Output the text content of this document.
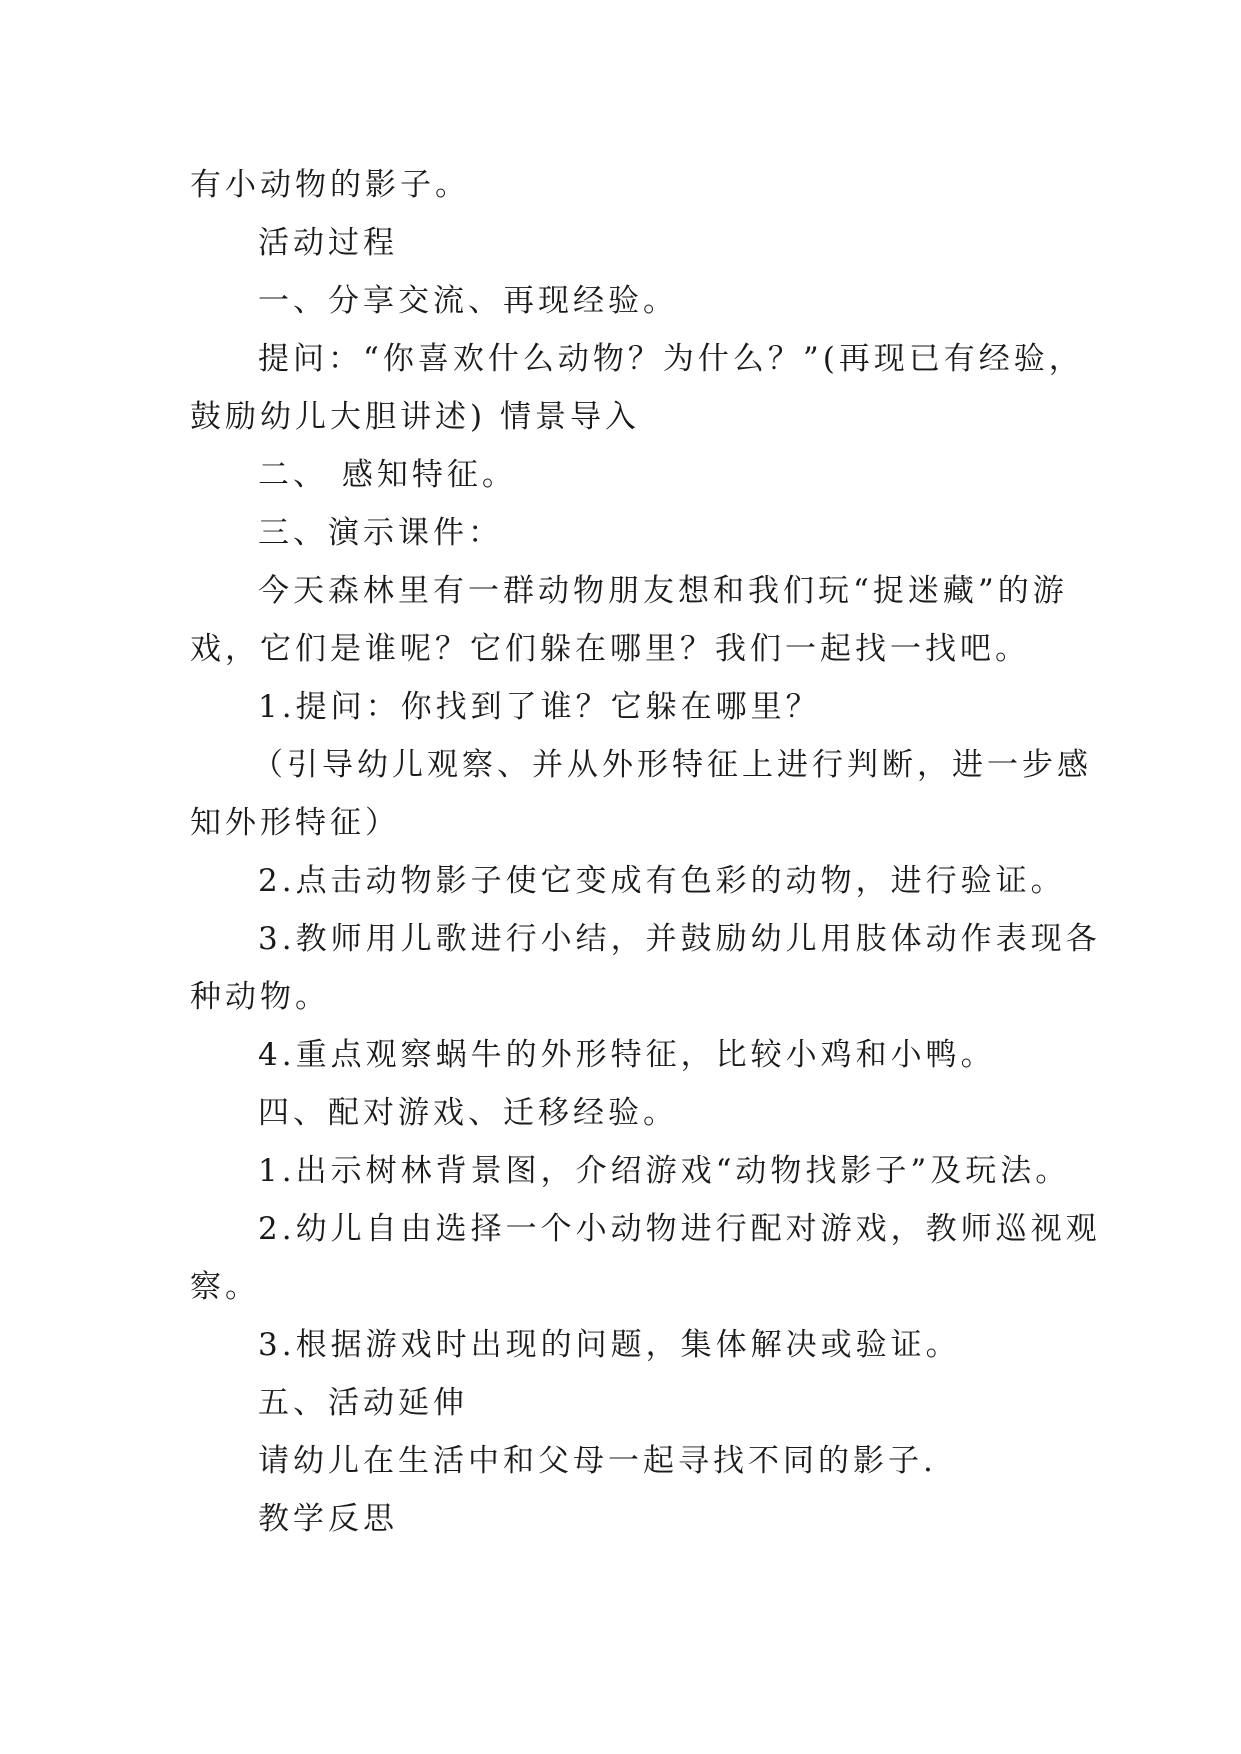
有小动物的影子。
活动过程
一、分享交流、再现经验。
提问：“你喜欢什么动物？为什么？”(再现已有经验，
鼓励幼儿大胆讲述) 情景导入
二、 感知特征。
三、演示课件：
今天森林里有一群动物朋友想和我们玩“捉迷藏”的游
戏，它们是谁呢？它们躲在哪里？我们一起找一找吧。
1.提问：你找到了谁？它躲在哪里？
（引导幼儿观察、并从外形特征上进行判断，进一步感
知外形特征）
2.点击动物影子使它变成有色彩的动物，进行验证。
3.教师用儿歌进行小结，并鼓励幼儿用肢体动作表现各
种动物。
4.重点观察蜗牛的外形特征，比较小鸡和小鸭。
四、配对游戏、迁移经验。
1.出示树林背景图，介绍游戏“动物找影子”及玩法。
2.幼儿自由选择一个小动物进行配对游戏，教师巡视观
察。
3.根据游戏时出现的问题，集体解决或验证。
五、活动延伸
请幼儿在生活中和父母一起寻找不同的影子.
教学反思
